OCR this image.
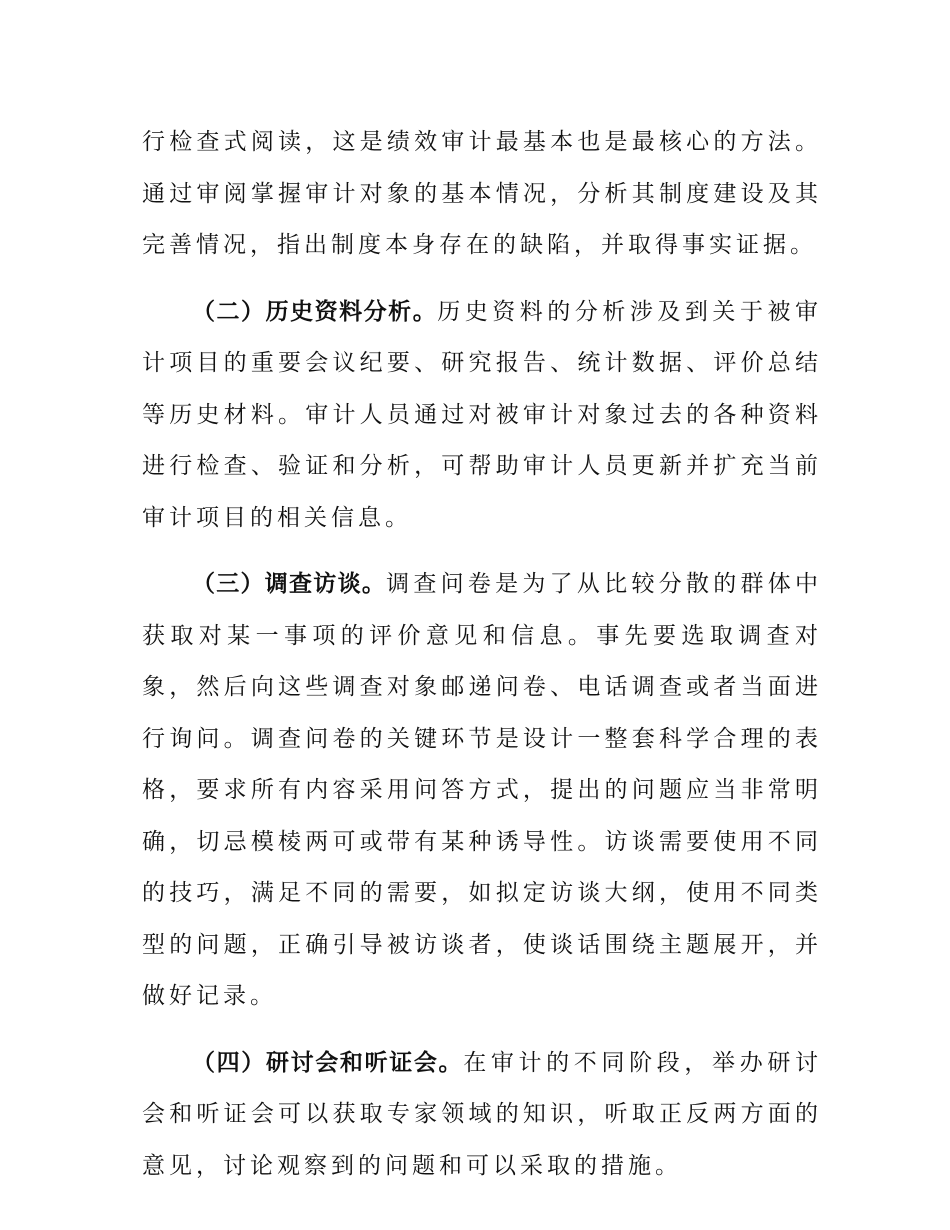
行检查式阅读，这是绩效审计最基本也是最核心的方法。通过审阅掌握审计对象的基本情况，分析其制度建设及其完善情况，指出制度本身存在的缺陷，并取得事实证据。

（二）历史资料分析。历史资料的分析涉及到关于被审计项目的重要会议纪要、研究报告、统计数据、评价总结等历史材料。审计人员通过对被审计对象过去的各种资料进行检查、验证和分析，可帮助审计人员更新并扩充当前审计项目的相关信息。

（三）调查访谈。调查问卷是为了从比较分散的群体中获取对某一事项的评价意见和信息。事先要选取调查对象，然后向这些调查对象邮递问卷、电话调查或者当面进行询问。调查问卷的关键环节是设计一整套科学合理的表格，要求所有内容采用问答方式，提出的问题应当非常明确，切忌模棱两可或带有某种诱导性。访谈需要使用不同的技巧，满足不同的需要，如拟定访谈大纲，使用不同类型的问题，正确引导被访谈者，使谈话围绕主题展开，并做好记录。

（四）研讨会和听证会。在审计的不同阶段，举办研讨会和听证会可以获取专家领域的知识，听取正反两方面的意见，讨论观察到的问题和可以采取的措施。
